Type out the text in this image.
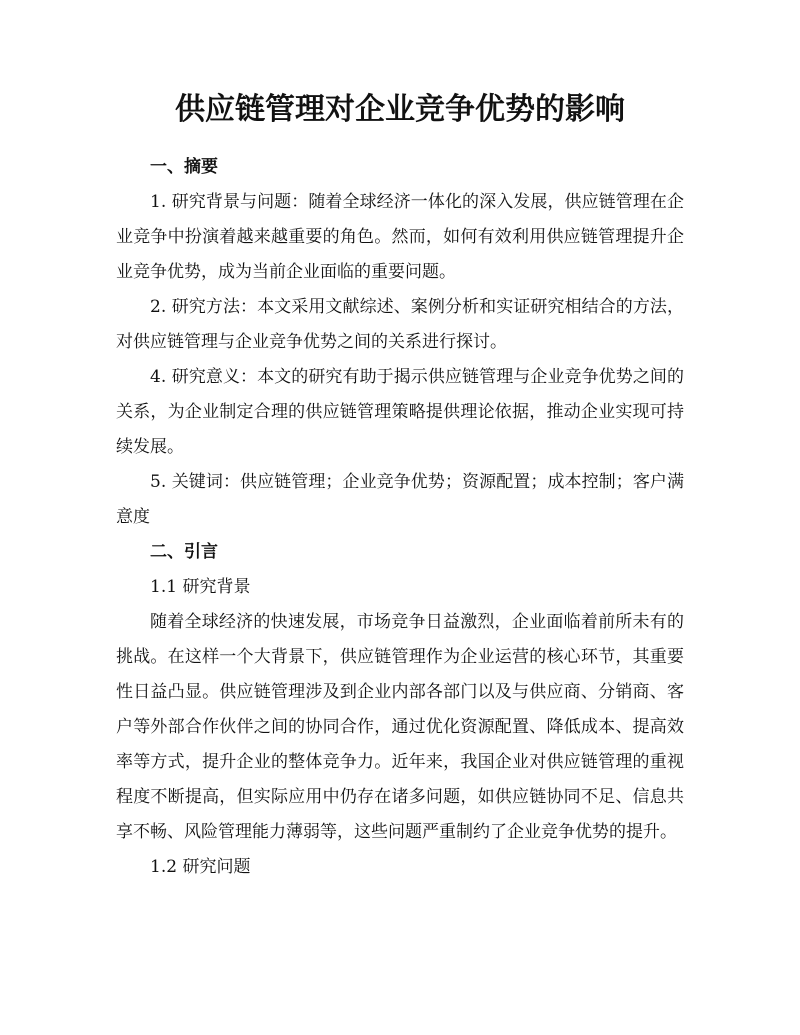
供应链管理对企业竞争优势的影响

一、摘要

1. 研究背景与问题：随着全球经济一体化的深入发展，供应链管理在企业竞争中扮演着越来越重要的角色。然而，如何有效利用供应链管理提升企业竞争优势，成为当前企业面临的重要问题。

2. 研究方法：本文采用文献综述、案例分析和实证研究相结合的方法，对供应链管理与企业竞争优势之间的关系进行探讨。

4. 研究意义：本文的研究有助于揭示供应链管理与企业竞争优势之间的关系，为企业制定合理的供应链管理策略提供理论依据，推动企业实现可持续发展。

5. 关键词：供应链管理；企业竞争优势；资源配置；成本控制；客户满意度

二、引言

1.1 研究背景

随着全球经济的快速发展，市场竞争日益激烈，企业面临着前所未有的挑战。在这样一个大背景下，供应链管理作为企业运营的核心环节，其重要性日益凸显。供应链管理涉及到企业内部各部门以及与供应商、分销商、客户等外部合作伙伴之间的协同合作，通过优化资源配置、降低成本、提高效率等方式，提升企业的整体竞争力。近年来，我国企业对供应链管理的重视程度不断提高，但实际应用中仍存在诸多问题，如供应链协同不足、信息共享不畅、风险管理能力薄弱等，这些问题严重制约了企业竞争优势的提升。

1.2 研究问题
